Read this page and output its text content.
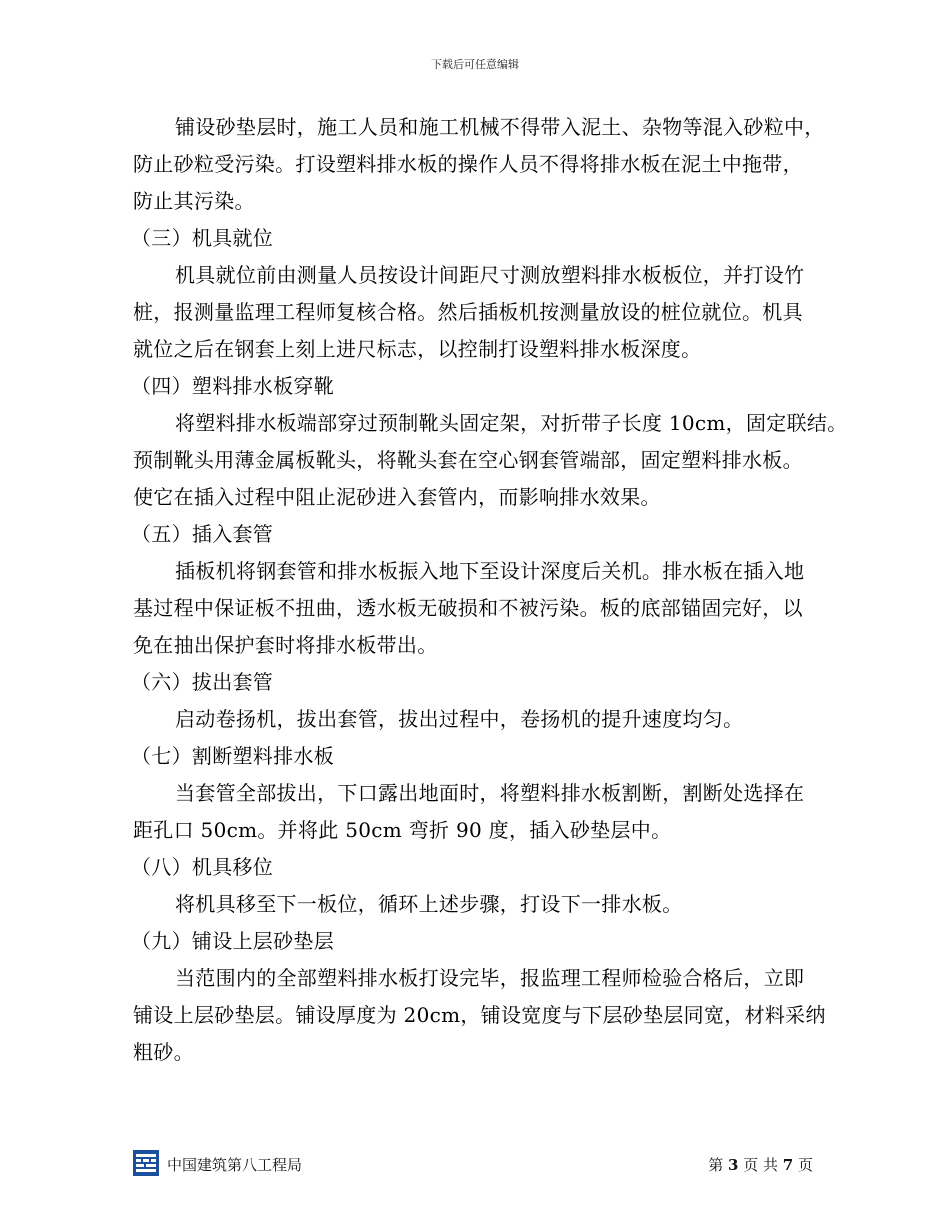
下载后可任意编辑
铺设砂垫层时，施工人员和施工机械不得带入泥土、杂物等混入砂粒中，
防止砂粒受污染。打设塑料排水板的操作人员不得将排水板在泥土中拖带，
防止其污染。
（三）机具就位
机具就位前由测量人员按设计间距尺寸测放塑料排水板板位，并打设竹
桩，报测量监理工程师复核合格。然后插板机按测量放设的桩位就位。机具
就位之后在钢套上刻上进尺标志，以控制打设塑料排水板深度。
（四）塑料排水板穿靴
将塑料排水板端部穿过预制靴头固定架，对折带子长度 10cm，固定联结。
预制靴头用薄金属板靴头，将靴头套在空心钢套管端部，固定塑料排水板。
使它在插入过程中阻止泥砂进入套管内，而影响排水效果。
（五）插入套管
插板机将钢套管和排水板振入地下至设计深度后关机。排水板在插入地
基过程中保证板不扭曲，透水板无破损和不被污染。板的底部锚固完好，以
免在抽出保护套时将排水板带出。
（六）拔出套管
启动卷扬机，拔出套管，拔出过程中，卷扬机的提升速度均匀。
（七）割断塑料排水板
当套管全部拔出，下口露出地面时，将塑料排水板割断，割断处选择在
距孔口 50cm。并将此 50cm 弯折 90 度，插入砂垫层中。
（八）机具移位
将机具移至下一板位，循环上述步骤，打设下一排水板。
（九）铺设上层砂垫层
当范围内的全部塑料排水板打设完毕，报监理工程师检验合格后，立即
铺设上层砂垫层。铺设厚度为 20cm，铺设宽度与下层砂垫层同宽，材料采纳
粗砂。
中国建筑第八工程局	第 3 页 共 7 页
